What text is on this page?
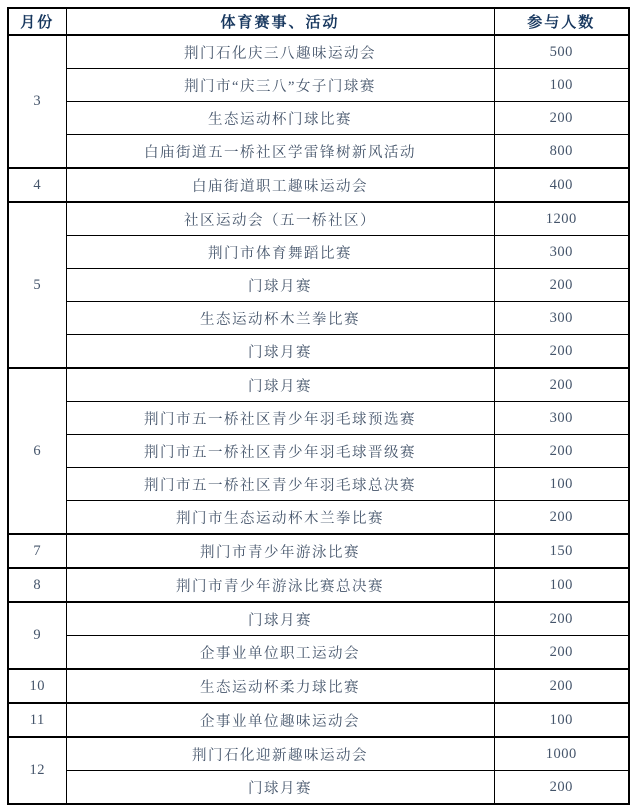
月份	体育赛事、活动	参与人数
3	荆门石化庆三八趣味运动会	500
	荆门市“庆三八”女子门球赛	100
	生态运动杯门球比赛	200
	白庙街道五一桥社区学雷锋树新风活动	800
4	白庙街道职工趣味运动会	400
5	社区运动会（五一桥社区）	1200
	荆门市体育舞蹈比赛	300
	门球月赛	200
	生态运动杯木兰拳比赛	300
	门球月赛	200
6	门球月赛	200
	荆门市五一桥社区青少年羽毛球预选赛	300
	荆门市五一桥社区青少年羽毛球晋级赛	200
	荆门市五一桥社区青少年羽毛球总决赛	100
	荆门市生态运动杯木兰拳比赛	200
7	荆门市青少年游泳比赛	150
8	荆门市青少年游泳比赛总决赛	100
9	门球月赛	200
	企事业单位职工运动会	200
10	生态运动杯柔力球比赛	200
11	企事业单位趣味运动会	100
12	荆门石化迎新趣味运动会	1000
	门球月赛	200
